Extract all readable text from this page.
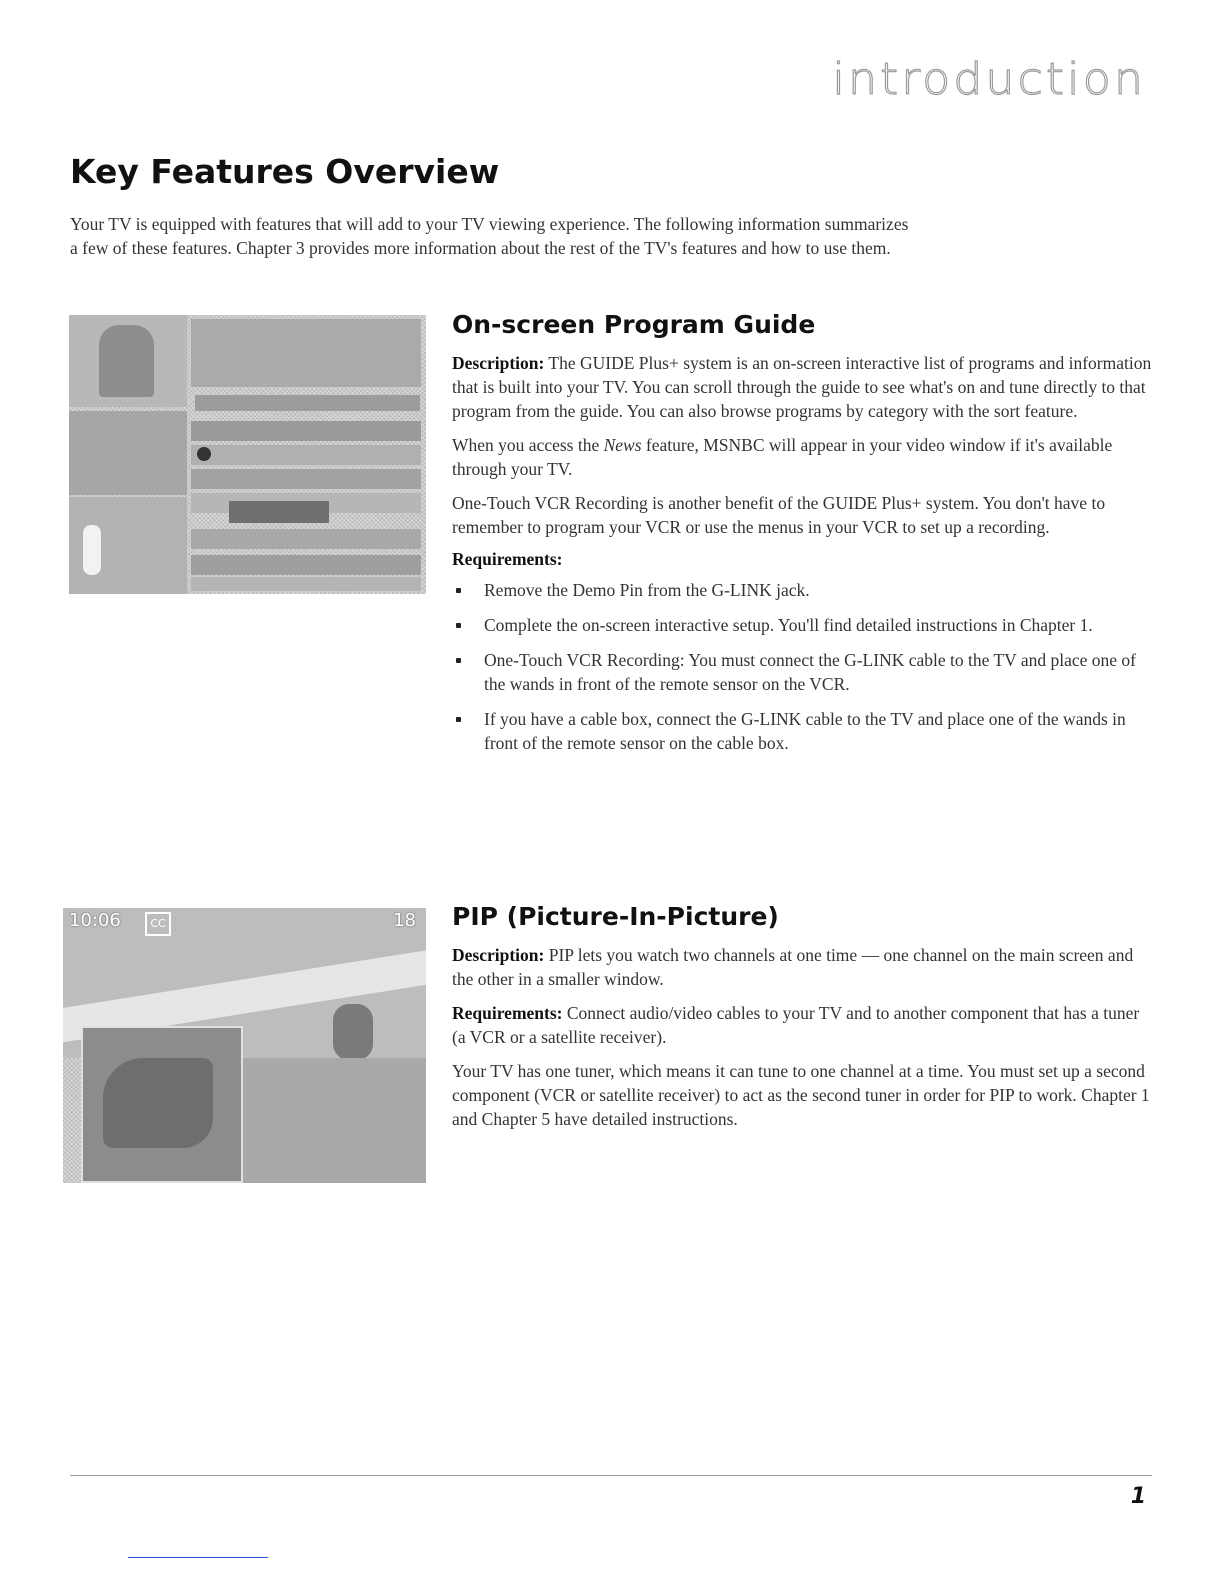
introduction
Key Features Overview

Your TV is equipped with features that will add to your TV viewing experience. The following information summarizes a few of these features. Chapter 3 provides more information about the rest of the TV's features and how to use them.

On-screen Program Guide

Description: The GUIDE Plus+ system is an on-screen interactive list of programs and information that is built into your TV. You can scroll through the guide to see what's on and tune directly to that program from the guide. You can also browse programs by category with the sort feature.

When you access the News feature, MSNBC will appear in your video window if it's available through your TV.

One-Touch VCR Recording is another benefit of the GUIDE Plus+ system. You don't have to remember to program your VCR or use the menus in your VCR to set up a recording.

Requirements:
Remove the Demo Pin from the G-LINK jack.
Complete the on-screen interactive setup. You'll find detailed instructions in Chapter 1.
One-Touch VCR Recording: You must connect the G-LINK cable to the TV and place one of the wands in front of the remote sensor on the VCR.
If you have a cable box, connect the G-LINK cable to the TV and place one of the wands in front of the remote sensor on the cable box.
10:06	CC	18 PIP (Picture-In-Picture)

Description: PIP lets you watch two channels at one time — one channel on the main screen and the other in a smaller window.

Requirements: Connect audio/video cables to your TV and to another component that has a tuner (a VCR or a satellite receiver).

Your TV has one tuner, which means it can tune to one channel at a time. You must set up a second component (VCR or satellite receiver) to act as the second tuner in order for PIP to work. Chapter 1 and Chapter 5 have detailed instructions.

1
